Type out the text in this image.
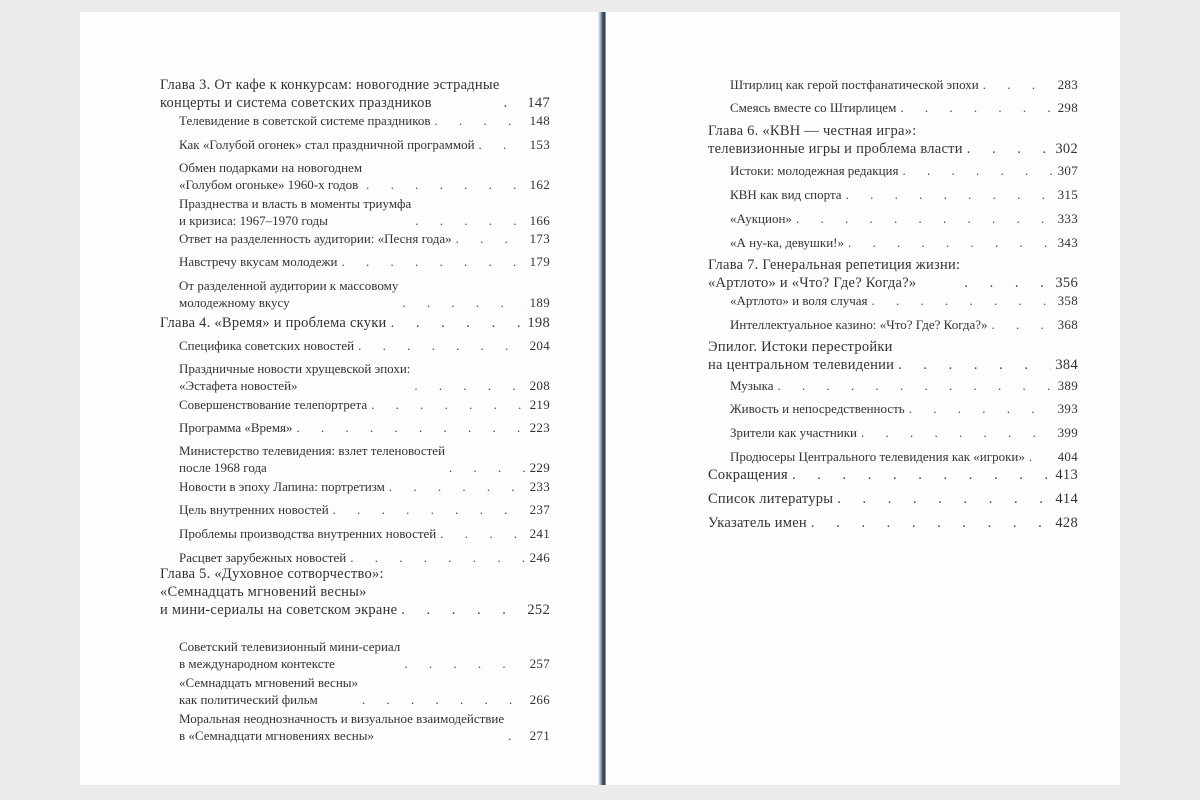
Глава 3. От кафе к конкурсам: новогодние эстрадные
концерты и система советских праздников . . .	147
Телевидение в советской системе праздников . . .	148
Как «Голубой огонек» стал праздничной программой . . .	153
Обмен подарками на новогоднем
«Голубом огоньке» 1960-х годов . . .	162
Празднества и власть в моменты триумфа
и кризиса: 1967–1970 годы . . .	166
Ответ на разделенность аудитории: «Песня года» . . .	173
Навстречу вкусам молодежи . . .	179
От разделенной аудитории к массовому
молодежному вкусу . . .	189
Глава 4. «Время» и проблема скуки . . .	198
Специфика советских новостей . . .	204
Праздничные новости хрущевской эпохи:
«Эстафета новостей» . . .	208
Совершенствование телепортрета . . .	219
Программа «Время» . . .	223
Министерство телевидения: взлет теленовостей
после 1968 года . . .	229
Новости в эпоху Лапина: портретизм . . .	233
Цель внутренних новостей . . .	237
Проблемы производства внутренних новостей . . .	241
Расцвет зарубежных новостей . . .	246
Глава 5. «Духовное сотворчество»:
«Семнадцать мгновений весны»
и мини-сериалы на советском экране . . .	252
Советский телевизионный мини-сериал
в международном контексте . . .	257
«Семнадцать мгновений весны»
как политический фильм . . .	266
Моральная неоднозначность и визуальное взаимодействие
в «Семнадцати мгновениях весны» . . .	271
Штирлиц как герой постфанатической эпохи . . .	283
Смеясь вместе со Штирлицем . . .	298
Глава 6. «КВН — честная игра»:
телевизионные игры и проблема власти . . .	302
Истоки: молодежная редакция . . .	307
КВН как вид спорта . . .	315
«Аукцион» . . .	333
«А ну-ка, девушки!» . . .	343
Глава 7. Генеральная репетиция жизни:
«Артлото» и «Что? Где? Когда?» . . .	356
«Артлото» и воля случая . . .	358
Интеллектуальное казино: «Что? Где? Когда?» . . .	368
Эпилог. Истоки перестройки
на центральном телевидении . . .	384
Музыка . . .	389
Живость и непосредственность . . .	393
Зрители как участники . . .	399
Продюсеры Центрального телевидения как «игроки» . . .	404
Сокращения . . .	413
Список литературы . . .	414
Указатель имен . . .	428
